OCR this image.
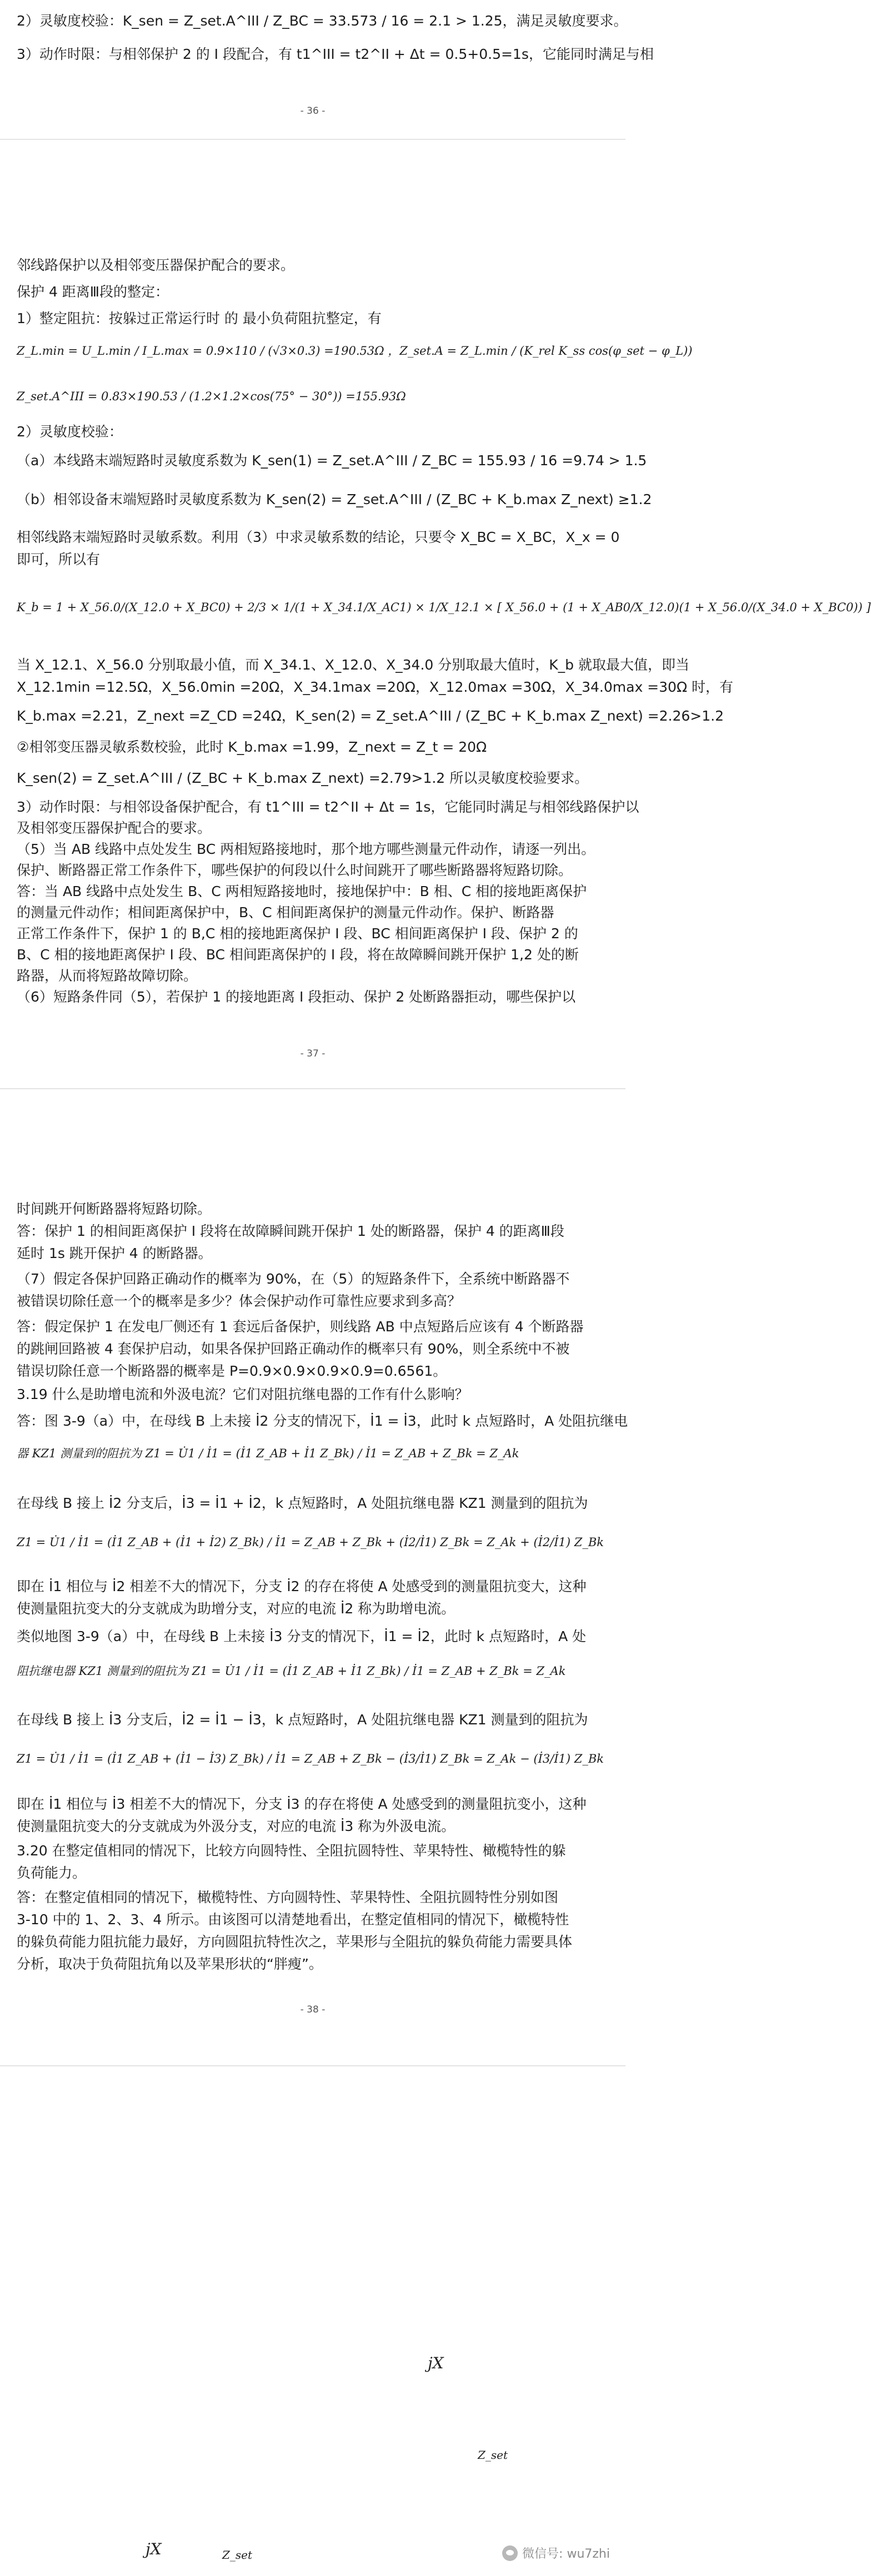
2）灵敏度校验：K_sen = Z_set.A^III / Z_BC = 33.573 / 16 = 2.1 > 1.25，满足灵敏度要求。
3）动作时限：与相邻保护 2 的 I 段配合，有 t1^III = t2^II + Δt = 0.5+0.5=1s，它能同时满足与相
- 36 -
邻线路保护以及相邻变压器保护配合的要求。
保护 4 距离Ⅲ段的整定：
1）整定阻抗：按躲过正常运行时 的 最小负荷阻抗整定，有
Z_L.min = U_L.min / I_L.max = 0.9×110 / (√3×0.3) =190.53Ω ，Z_set.A = Z_L.min / (K_rel K_ss cos(φ_set − φ_L))
Z_set.A^III = 0.83×190.53 / (1.2×1.2×cos(75° − 30°)) =155.93Ω
2）灵敏度校验：
（a）本线路末端短路时灵敏度系数为 K_sen(1) = Z_set.A^III / Z_BC = 155.93 / 16 =9.74 > 1.5
（b）相邻设备末端短路时灵敏度系数为 K_sen(2) = Z_set.A^III / (Z_BC + K_b.max Z_next) ≥1.2
相邻线路末端短路时灵敏系数。利用（3）中求灵敏系数的结论，只要令 X_BC = X_BC，X_x = 0
即可，所以有
K_b = 1 + X_56.0/(X_12.0 + X_BC0) + 2/3 × 1/(1 + X_34.1/X_AC1) × 1/X_12.1 × [ X_56.0 + (1 + X_AB0/X_12.0)(1 + X_56.0/(X_34.0 + X_BC0)) ]
当 X_12.1、X_56.0 分别取最小值，而 X_34.1、X_12.0、X_34.0 分别取最大值时，K_b 就取最大值，即当
X_12.1min =12.5Ω，X_56.0min =20Ω，X_34.1max =20Ω，X_12.0max =30Ω，X_34.0max =30Ω 时，有
K_b.max =2.21，Z_next =Z_CD =24Ω，K_sen(2) = Z_set.A^III / (Z_BC + K_b.max Z_next) =2.26>1.2
②相邻变压器灵敏系数校验，此时 K_b.max =1.99，Z_next = Z_t = 20Ω
K_sen(2) = Z_set.A^III / (Z_BC + K_b.max Z_next) =2.79>1.2 所以灵敏度校验要求。
3）动作时限：与相邻设备保护配合，有 t1^III = t2^II + Δt = 1s，它能同时满足与相邻线路保护以
及相邻变压器保护配合的要求。
（5）当 AB 线路中点处发生 BC 两相短路接地时，那个地方哪些测量元件动作，请逐一列出。
保护、断路器正常工作条件下，哪些保护的何段以什么时间跳开了哪些断路器将短路切除。
答：当 AB 线路中点处发生 B、C 两相短路接地时，接地保护中：B 相、C 相的接地距离保护
的测量元件动作；相间距离保护中，B、C 相间距离保护的测量元件动作。保护、断路器
正常工作条件下，保护 1 的 B,C 相的接地距离保护 I 段、BC 相间距离保护 I 段、保护 2 的
B、C 相的接地距离保护 I 段、BC 相间距离保护的 I 段，将在故障瞬间跳开保护 1,2 处的断
路器，从而将短路故障切除。
（6）短路条件同（5），若保护 1 的接地距离 I 段拒动、保护 2 处断路器拒动，哪些保护以
- 37 -
时间跳开何断路器将短路切除。
答：保护 1 的相间距离保护 I 段将在故障瞬间跳开保护 1 处的断路器，保护 4 的距离Ⅲ段
延时 1s 跳开保护 4 的断路器。
（7）假定各保护回路正确动作的概率为 90%，在（5）的短路条件下，全系统中断路器不
被错误切除任意一个的概率是多少？体会保护动作可靠性应要求到多高？
答：假定保护 1 在发电厂侧还有 1 套远后备保护，则线路 AB 中点短路后应该有 4 个断路器
的跳闸回路被 4 套保护启动，如果各保护回路正确动作的概率只有 90%，则全系统中不被
错误切除任意一个断路器的概率是 P=0.9×0.9×0.9×0.9=0.6561。
3.19 什么是助增电流和外汲电流？它们对阻抗继电器的工作有什么影响？
答：图 3-9（a）中，在母线 B 上未接 İ2 分支的情况下，İ1 = İ3，此时 k 点短路时，A 处阻抗继电
器 KZ1 测量到的阻抗为 Z1 = U̇1 / İ1 = (İ1 Z_AB + İ1 Z_Bk) / İ1 = Z_AB + Z_Bk = Z_Ak
在母线 B 接上 İ2 分支后，İ3 = İ1 + İ2，k 点短路时，A 处阻抗继电器 KZ1 测量到的阻抗为
Z1 = U̇1 / İ1 = (İ1 Z_AB + (İ1 + İ2) Z_Bk) / İ1 = Z_AB + Z_Bk + (İ2/İ1) Z_Bk = Z_Ak + (İ2/İ1) Z_Bk
即在 İ1 相位与 İ2 相差不大的情况下，分支 İ2 的存在将使 A 处感受到的测量阻抗变大，这种
使测量阻抗变大的分支就成为助增分支，对应的电流 İ2 称为助增电流。
类似地图 3-9（a）中，在母线 B 上未接 İ3 分支的情况下，İ1 = İ2，此时 k 点短路时，A 处
阻抗继电器 KZ1 测量到的阻抗为 Z1 = U̇1 / İ1 = (İ1 Z_AB + İ1 Z_Bk) / İ1 = Z_AB + Z_Bk = Z_Ak
在母线 B 接上 İ3 分支后，İ2 = İ1 − İ3，k 点短路时，A 处阻抗继电器 KZ1 测量到的阻抗为
Z1 = U̇1 / İ1 = (İ1 Z_AB + (İ1 − İ3) Z_Bk) / İ1 = Z_AB + Z_Bk − (İ3/İ1) Z_Bk = Z_Ak − (İ3/İ1) Z_Bk
即在 İ1 相位与 İ3 相差不大的情况下，分支 İ3 的存在将使 A 处感受到的测量阻抗变小，这种
使测量阻抗变大的分支就成为外汲分支，对应的电流 İ3 称为外汲电流。
3.20 在整定值相同的情况下，比较方向圆特性、全阻抗圆特性、苹果特性、橄榄特性的躲
负荷能力。
答：在整定值相同的情况下，橄榄特性、方向圆特性、苹果特性、全阻抗圆特性分别如图
3-10 中的 1、2、3、4 所示。由该图可以清楚地看出，在整定值相同的情况下，橄榄特性
的躲负荷能力阻抗能力最好，方向圆阻抗特性次之，苹果形与全阻抗的躲负荷能力需要具体
分析，取决于负荷阻抗角以及苹果形状的“胖瘦”。
- 38 -
jX
Z_set
jX	Z_set	微信号: wu7zhi
